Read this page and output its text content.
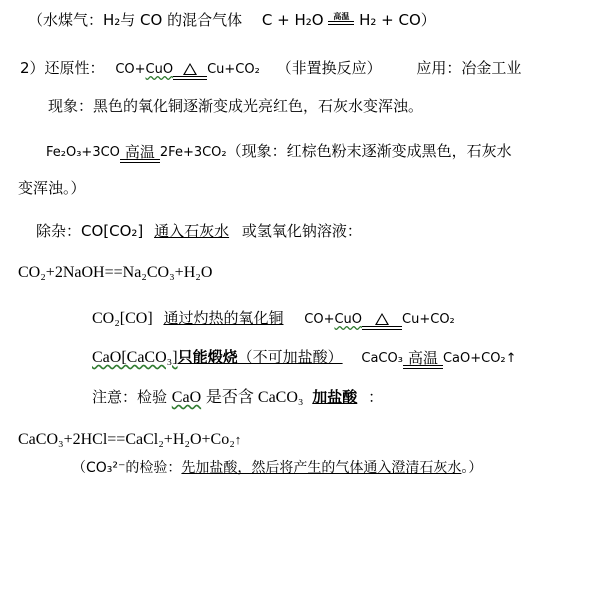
（水煤气：H₂与 CO 的混合气体　 C + H₂O	高温 H₂ + CO）
2）还原性： CO+CuO	Cu+CO₂ （非置换反应） 应用：冶金工业
现象：黑色的氧化铜逐渐变成光亮红色，石灰水变浑浊。
Fe₂O₃+3CO 高温 2Fe+3CO₂（现象：红棕色粉末逐渐变成黑色，石灰水
变浑浊。）
除杂：CO[CO₂] 通入石灰水 或氢氧化钠溶液：
CO₂+2NaOH==Na₂CO₃+H₂O
CO₂[CO] 通过灼热的氧化铜 CO+CuO	Cu+CO₂
CaO[CaCO₃]只能煅烧（不可加盐酸） CaCO₃ 高温 CaO+CO₂↑
注意：检验 CaO 是否含 CaCO₃ 加盐酸 ：
CaCO₃+2HCl==CaCl₂+H₂O+Co₂↑
（CO₃²⁻的检验：先加盐酸，然后将产生的气体通入澄清石灰水。）
